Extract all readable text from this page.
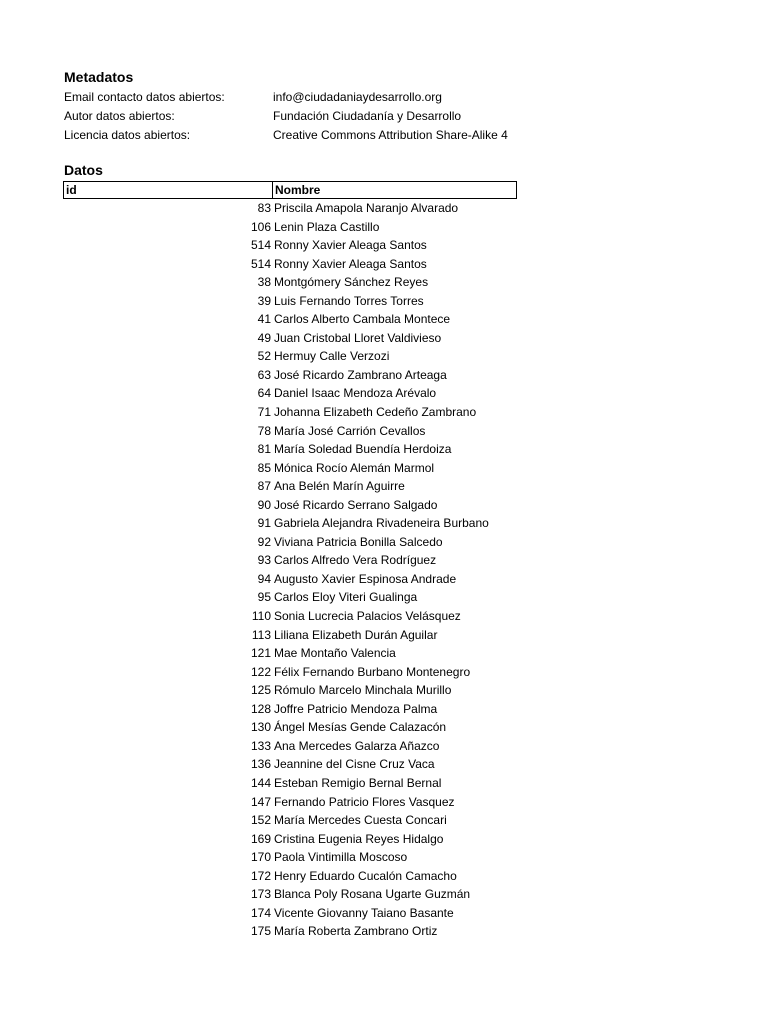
Metadatos
Email contacto datos abiertos:	info@ciudadaniaydesarrollo.org
Autor datos abiertos:	Fundación Ciudadanía y Desarrollo
Licencia datos abiertos:	Creative Commons Attribution Share-Alike 4
Datos
id	Nombre
83 Priscila Amapola Naranjo Alvarado
106 Lenin Plaza Castillo
514 Ronny Xavier Aleaga Santos
514 Ronny Xavier Aleaga Santos
38 Montgómery Sánchez Reyes
39 Luis Fernando Torres Torres
41 Carlos Alberto Cambala Montece
49 Juan Cristobal Lloret Valdivieso
52 Hermuy Calle Verzozi
63 José Ricardo Zambrano Arteaga
64 Daniel Isaac Mendoza Arévalo
71 Johanna Elizabeth Cedeño Zambrano
78 María José Carrión Cevallos
81 María Soledad Buendía Herdoiza
85 Mónica Rocío Alemán Marmol
87 Ana Belén Marín Aguirre
90 José Ricardo Serrano Salgado
91 Gabriela Alejandra Rivadeneira Burbano
92 Viviana Patricia Bonilla Salcedo
93 Carlos Alfredo Vera Rodríguez
94 Augusto Xavier Espinosa Andrade
95 Carlos Eloy Viteri Gualinga
110 Sonia Lucrecia Palacios Velásquez
113 Liliana Elizabeth Durán Aguilar
121 Mae Montaño Valencia
122 Félix Fernando Burbano Montenegro
125 Rómulo Marcelo Minchala Murillo
128 Joffre Patricio Mendoza Palma
130 Ángel Mesías Gende Calazacón
133 Ana Mercedes Galarza Añazco
136 Jeannine del Cisne Cruz Vaca
144 Esteban Remigio Bernal Bernal
147 Fernando Patricio Flores Vasquez
152 María Mercedes Cuesta Concari
169 Cristina Eugenia Reyes Hidalgo
170 Paola Vintimilla Moscoso
172 Henry Eduardo Cucalón Camacho
173 Blanca Poly Rosana Ugarte Guzmán
174 Vicente Giovanny Taiano Basante
175 María Roberta Zambrano Ortiz
